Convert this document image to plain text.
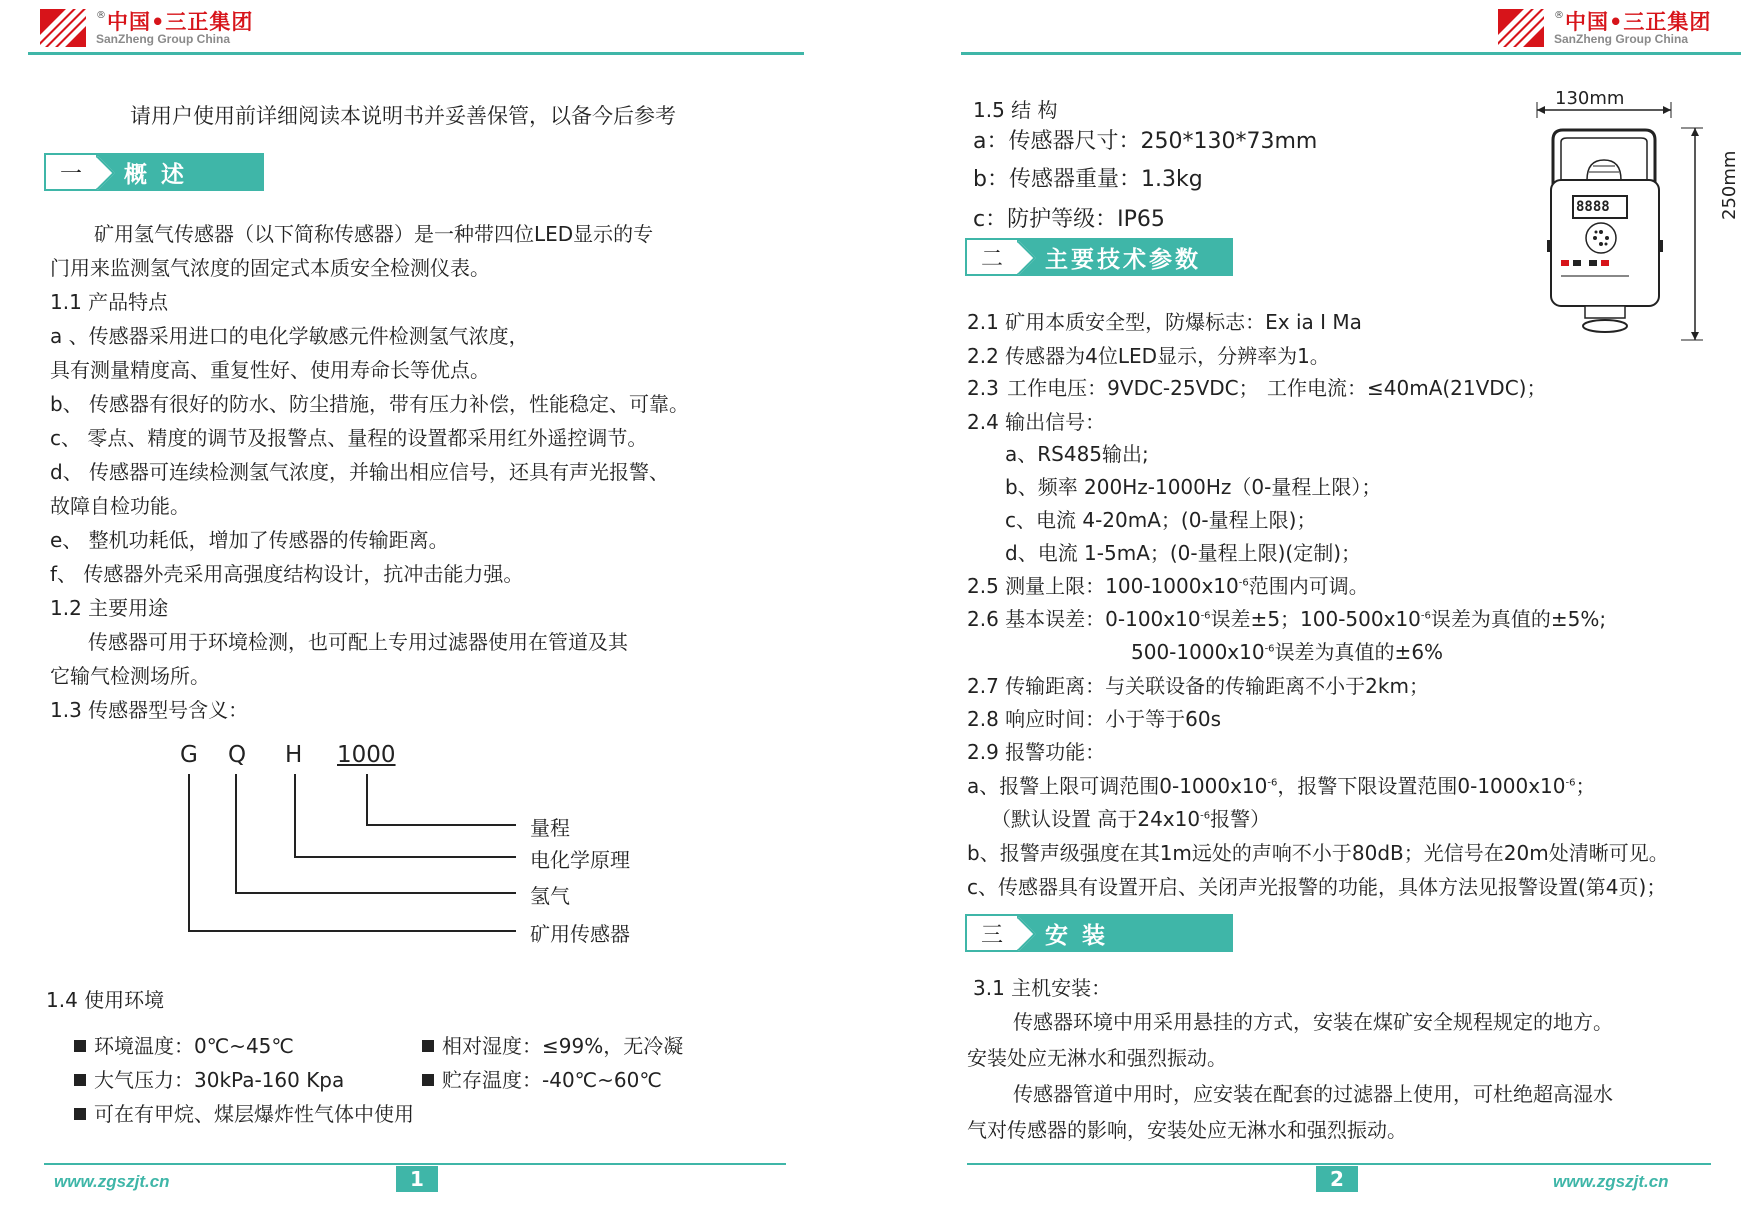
®中国•三正集团
SanZheng Group China
请用户使用前详细阅读本说明书并妥善保管，以备今后参考
一	概 述
矿用氢气传感器（以下简称传感器）是一种带四位LED显示的专
门用来监测氢气浓度的固定式本质安全检测仪表。
1.1 产品特点
a 、传感器采用进口的电化学敏感元件检测氢气浓度，
具有测量精度高、重复性好、使用寿命长等优点。
b、 传感器有很好的防水、防尘措施，带有压力补偿，性能稳定、可靠。
c、 零点、精度的调节及报警点、量程的设置都采用红外遥控调节。
d、 传感器可连续检测氢气浓度，并输出相应信号，还具有声光报警、
故障自检功能。
e、 整机功耗低，增加了传感器的传输距离。
f、 传感器外壳采用高强度结构设计，抗冲击能力强。
1.2 主要用途
传感器可用于环境检测，也可配上专用过滤器使用在管道及其
它输气检测场所。
1.3 传感器型号含义：
G Q H 1000
量程
电化学原理
氢气
矿用传感器
1.4 使用环境
环境温度：0℃~45℃	相对湿度：≤99%，无冷凝
大气压力：30kPa-160 Kpa	贮存温度：-40℃~60℃
可在有甲烷、煤层爆炸性气体中使用
www.zgszjt.cn	1
®中国•三正集团
SanZheng Group China
1.5 结 构
a：传感器尺寸：250*130*73mm
b：传感器重量：1.3kg
c：防护等级：IP65
130mm
8888	250mm
二	主要技术参数
2.1 矿用本质安全型，防爆标志：Ex ia I Ma
2.2 传感器为4位LED显示，分辨率为1。
2.3 工作电压：9VDC-25VDC； 工作电流：≤40mA(21VDC)；
2.4 输出信号：
a、RS485输出;
b、频率 200Hz-1000Hz（0-量程上限）；
c、电流 4-20mA；(0-量程上限)；
d、电流 1-5mA；(0-量程上限)(定制)；
2.5 测量上限：$100-1000x10^{-6}$范围内可调。
2.6 基本误差：$0-100x10^{-6}$误差±5；$100-500x10^{-6}$误差为真值的±5%;
$500-1000x10^{-6}$误差为真值的±6%
2.7 传输距离：与关联设备的传输距离不小于2km；
2.8 响应时间：小于等于60s
2.9 报警功能：
a、报警上限可调范围$0-1000x10^{-6}$，报警下限设置范围$0-1000x10^{-6}$；
（默认设置 高于$24x10^{-6}$报警）
b、报警声级强度在其1m远处的声响不小于80dB；光信号在20m处清晰可见。
c、传感器具有设置开启、关闭声光报警的功能，具体方法见报警设置(第4页)；
三	安 装
3.1 主机安装：
传感器环境中用采用悬挂的方式，安装在煤矿安全规程规定的地方。
安装处应无淋水和强烈振动。
传感器管道中用时，应安装在配套的过滤器上使用，可杜绝超高湿水
气对传感器的影响，安装处应无淋水和强烈振动。
2	www.zgszjt.cn
